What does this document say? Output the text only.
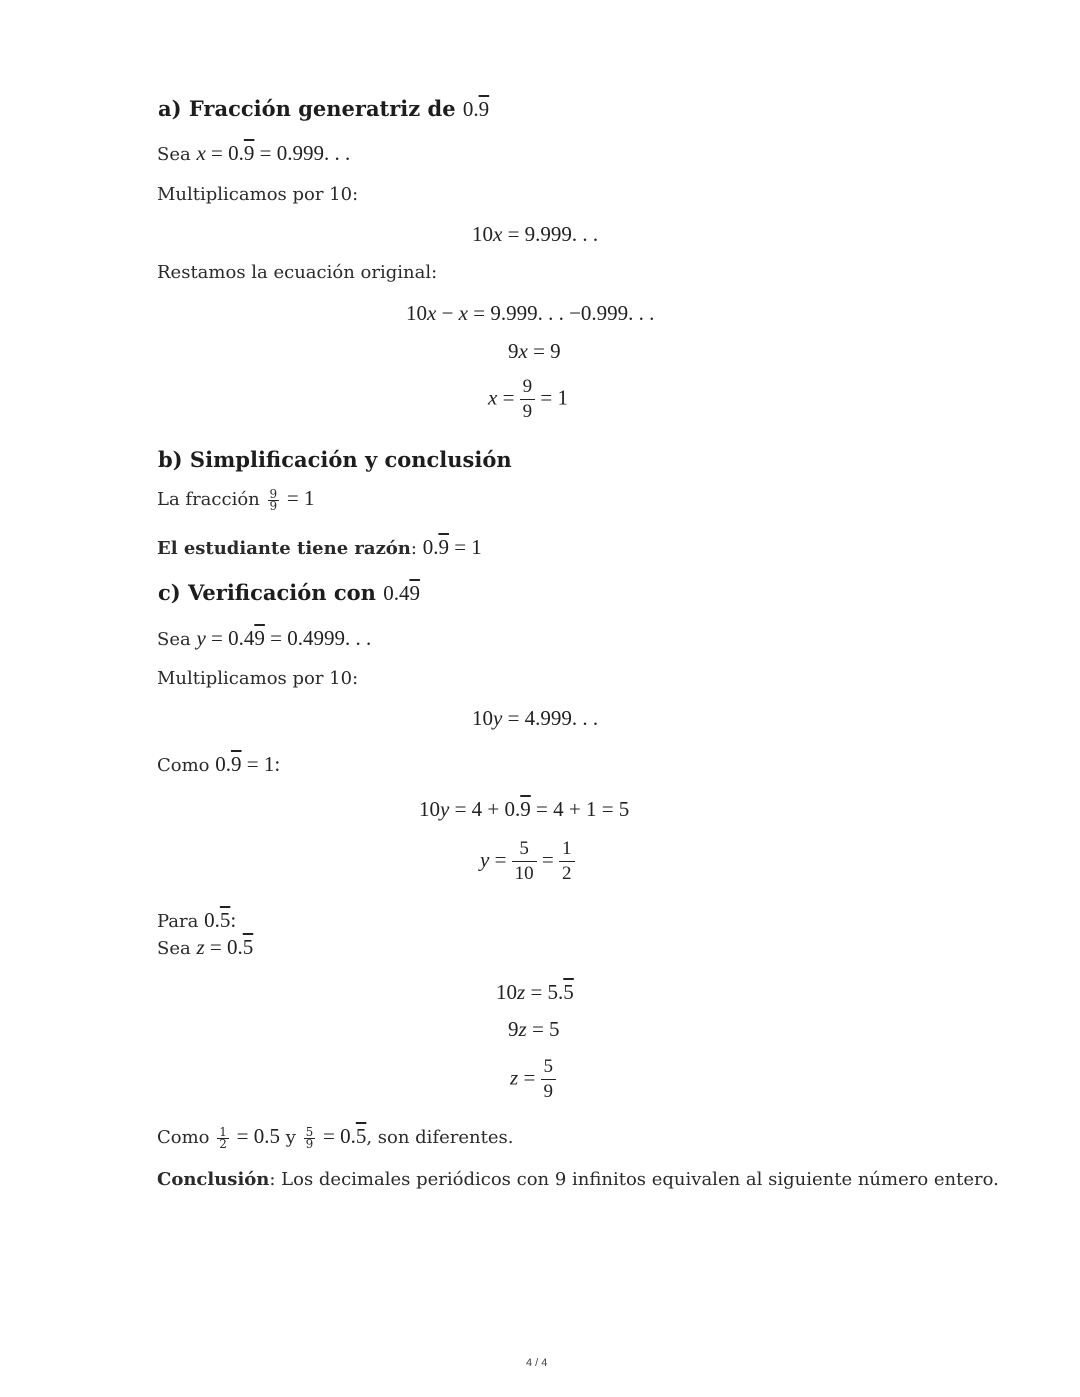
a) Fracción generatriz de 0.9
Sea x = 0.9 = 0.999. . .
Multiplicamos por 10:
10x = 9.999. . .
Restamos la ecuación original:
10x − x = 9.999. . . −0.999. . .
9x = 9
$x = \frac{9}{9} = 1$
b) Simplificación y conclusión
La fracción $\frac{9}{9} = 1$
El estudiante tiene razón: 0.9 = 1
c) Verificación con 0.49
Sea y = 0.49 = 0.4999. . .
Multiplicamos por 10:
10y = 4.999. . .
Como 0.9 = 1:
10y = 4 + 0.9 = 4 + 1 = 5
$y = \frac{5}{10} = \frac{1}{2}$
Para 0.5:
Sea z = 0.5
10z = 5.5
9z = 5
$z = \frac{5}{9}$
Como $\frac{1}{2} = 0.5$ y $\frac{5}{9} = 0.5$, son diferentes.
Conclusión: Los decimales periódicos con 9 infinitos equivalen al siguiente número entero.
4 / 4
